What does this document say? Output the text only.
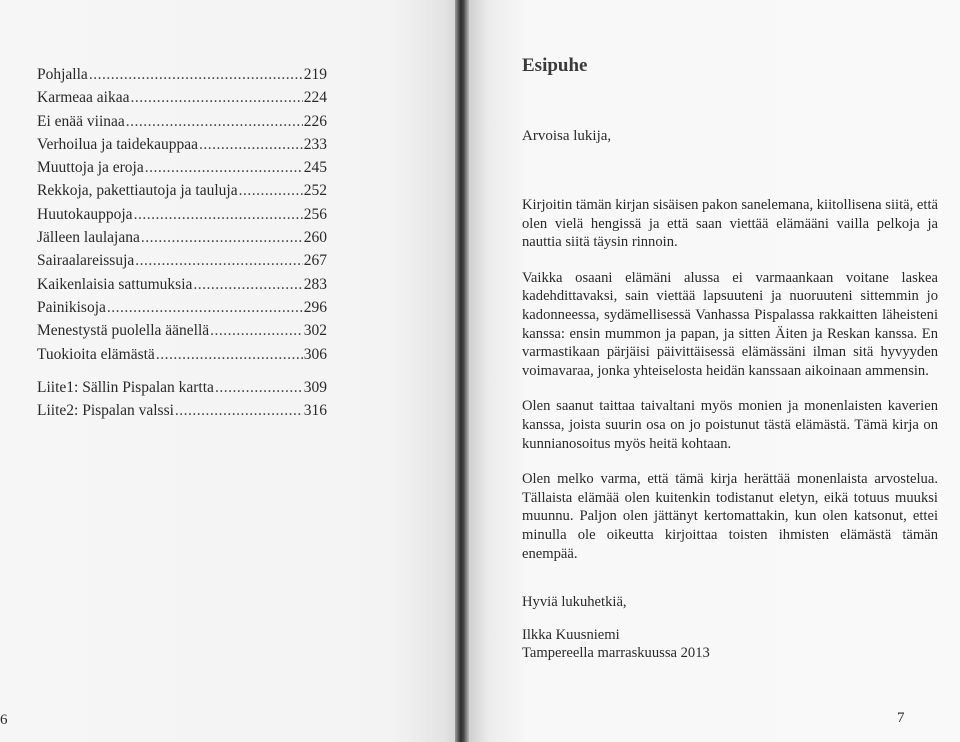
Pohjalla .....	219
Karmeaa aikaa .....	224
Ei enää viinaa .....	226
Verhoilua ja taidekauppaa .....	233
Muuttoja ja eroja .....	245
Rekkoja, pakettiautoja ja tauluja .....	252
Huutokauppoja .....	256
Jälleen laulajana .....	260
Sairaalareissuja .....	267
Kaikenlaisia sattumuksia .....	283
Painikisoja .....	296
Menestystä puolella äänellä .....	302
Tuokioita elämästä .....	306
Liite1: Sällin Pispalan kartta .....	309
Liite2: Pispalan valssi .....	316
6
Esipuhe
Arvoisa lukija,

Kirjoitin tämän kirjan sisäisen pakon sanelemana, kiitollisena siitä, että olen vielä hengissä ja että saan viettää elämääni vailla pelkoja ja nauttia siitä täysin rinnoin.

Vaikka osaani elämäni alussa ei varmaankaan voitane laskea kadehdittavaksi, sain viettää lapsuuteni ja nuoruuteni sittemmin jo kadonneessa, sydämellisessä Vanhassa Pispalassa rakkaitten läheisteni kanssa: ensin mummon ja papan, ja sitten Äiten ja Reskan kanssa. En varmastikaan pärjäisi päivittäisessä elämässäni ilman sitä hyvyyden voimavaraa, jonka yhteiselosta heidän kanssaan aikoinaan ammensin.

Olen saanut taittaa taivaltani myös monien ja monenlaisten kaverien kanssa, joista suurin osa on jo poistunut tästä elämästä. Tämä kirja on kunnianosoitus myös heitä kohtaan.

Olen melko varma, että tämä kirja herättää monenlaista arvostelua. Tällaista elämää olen kuitenkin todistanut eletyn, eikä totuus muuksi muunnu. Paljon olen jättänyt kertomattakin, kun olen katsonut, ettei minulla ole oikeutta kirjoittaa toisten ihmisten elämästä tämän enempää.

Hyviä lukuhetkiä,
Ilkka Kuusniemi
Tampereella marraskuussa 2013
7
